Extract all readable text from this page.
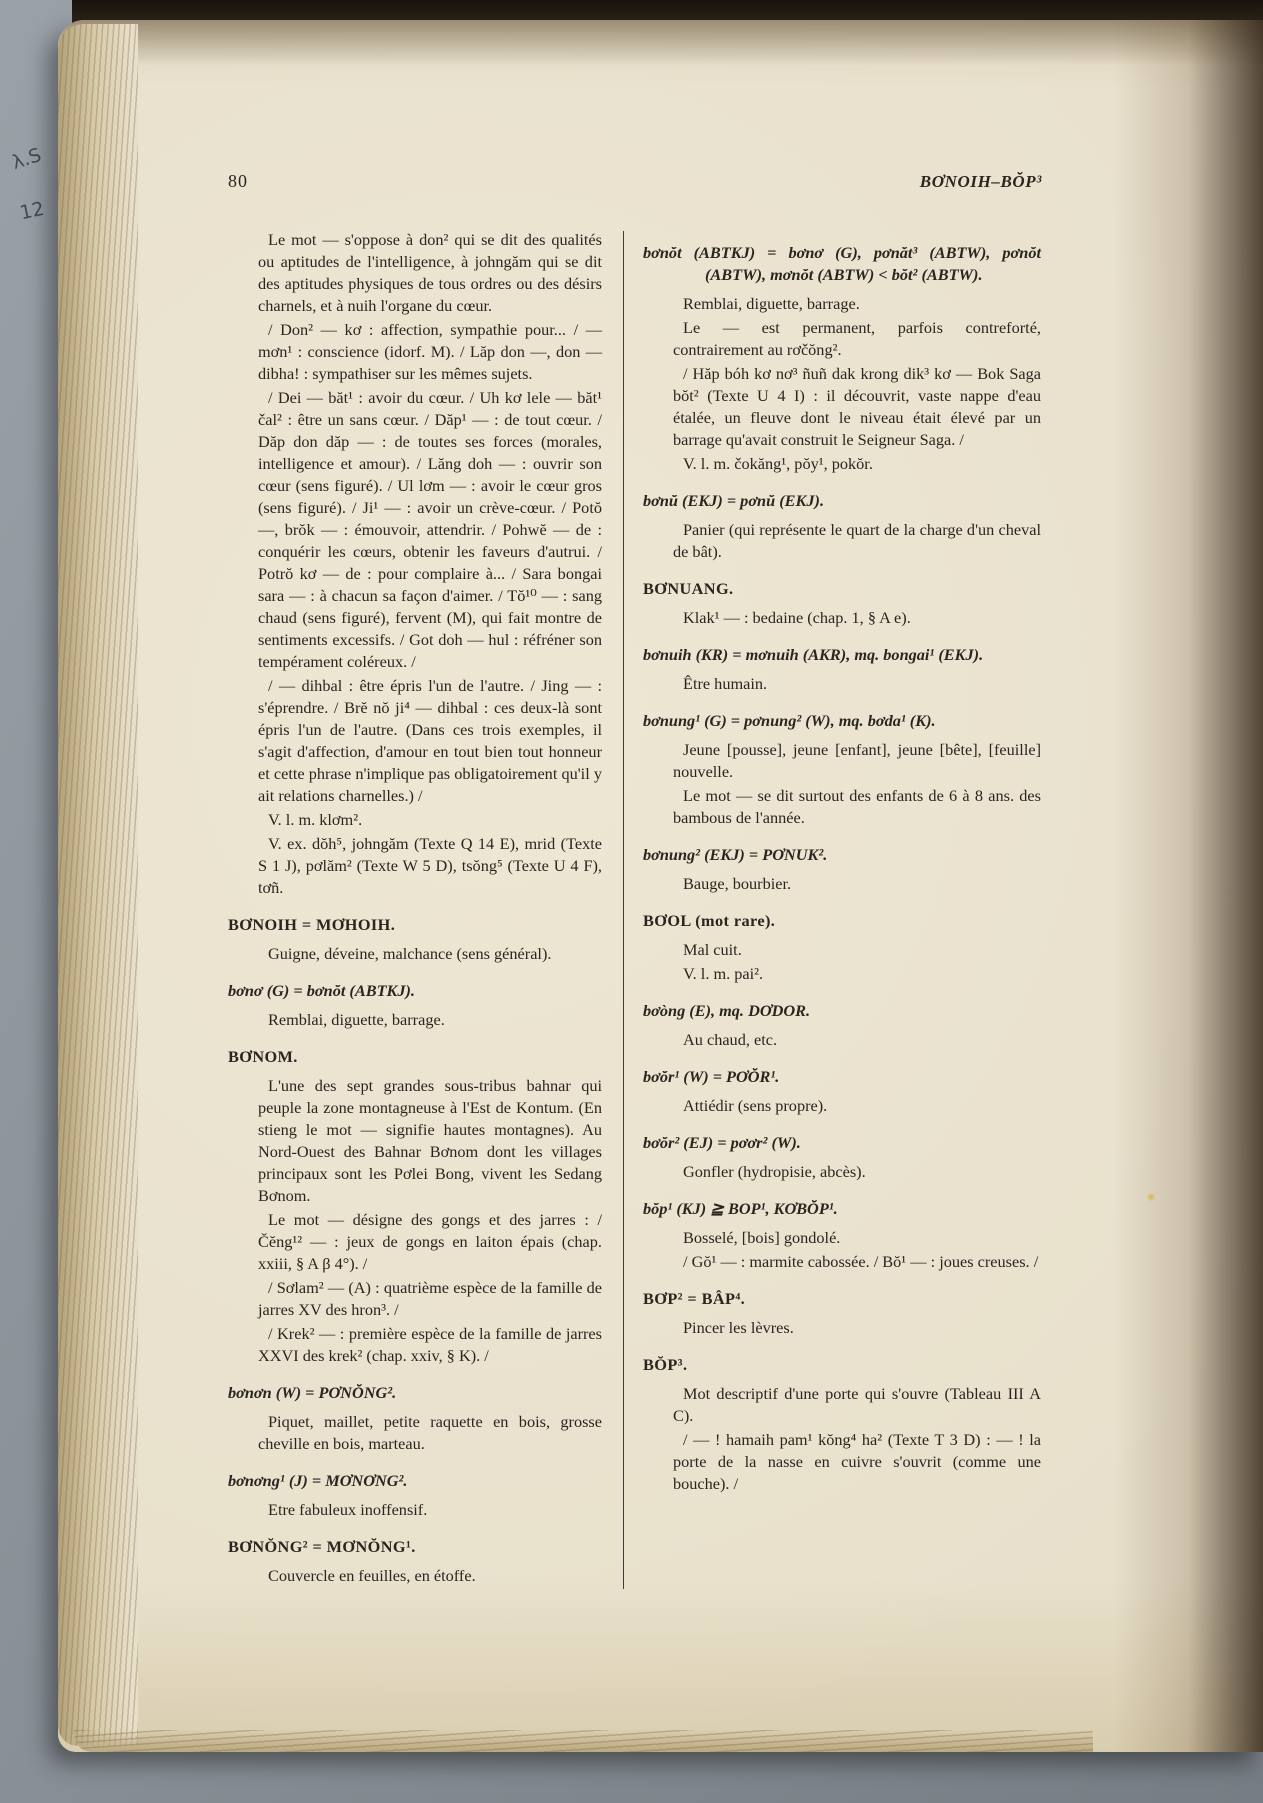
λ.S
12
80	BƠNOIH–BŎP³
Le mot — s'oppose à don² qui se dit des qualités ou aptitudes de l'intelligence, à johngăm qui se dit des aptitudes physiques de tous ordres ou des désirs charnels, et à nuih l'organe du cœur.
/ Don² — kơ : affection, sympathie pour... / — mơn¹ : conscience (idorf. M). / Lăp don —, don — dibha! : sympathiser sur les mêmes sujets.
/ Dei — băt¹ : avoir du cœur. / Uh kơ lele — băt¹ čal² : être un sans cœur. / Dăp¹ — : de tout cœur. / Dăp don dăp — : de toutes ses forces (morales, intelligence et amour). / Lăng doh — : ouvrir son cœur (sens figuré). / Ul lơm — : avoir le cœur gros (sens figuré). / Ji¹ — : avoir un crève-cœur. / Potŏ —, brŏk — : émouvoir, attendrir. / Pohwĕ — de : conquérir les cœurs, obtenir les faveurs d'autrui. / Potrŏ kơ — de : pour complaire à... / Sara bongai sara — : à chacun sa façon d'aimer. / Tŏ¹⁰ — : sang chaud (sens figuré), fervent (M), qui fait montre de sentiments excessifs. / Got doh — hul : réfréner son tempérament coléreux. /
/ — dihbal : être épris l'un de l'autre. / Jing — : s'éprendre. / Brĕ nŏ ji⁴ — dihbal : ces deux-là sont épris l'un de l'autre. (Dans ces trois exemples, il s'agit d'affection, d'amour en tout bien tout honneur et cette phrase n'implique pas obligatoirement qu'il y ait relations charnelles.) /
V. l. m. klơm².
V. ex. dŏh⁵, johngăm (Texte Q 14 E), mrid (Texte S 1 J), pơlăm² (Texte W 5 D), tsŏng⁵ (Texte U 4 F), tơñ.
BƠNOIH = MƠHOIH.
Guigne, déveine, malchance (sens général).
bơnơ (G) = bơnŏt (ABTKJ).
Remblai, diguette, barrage.
BƠNOM.
L'une des sept grandes sous-tribus bahnar qui peuple la zone montagneuse à l'Est de Kontum. (En stieng le mot — signifie hautes montagnes). Au Nord-Ouest des Bahnar Bơnom dont les villages principaux sont les Pơlei Bong, vivent les Sedang Bơnom.
Le mot — désigne des gongs et des jarres : / Čĕng¹² — : jeux de gongs en laiton épais (chap. xxiii, § A β 4°). /
/ Sơlam² — (A) : quatrième espèce de la famille de jarres XV des hron³. /
/ Krek² — : première espèce de la famille de jarres XXVI des krek² (chap. xxiv, § K). /
bơnơn (W) = PƠNŎNG².
Piquet, maillet, petite raquette en bois, grosse cheville en bois, marteau.
bơnơng¹ (J) = MƠNƠNG².
Etre fabuleux inoffensif.
BƠNŎNG² = MƠNŎNG¹.
Couvercle en feuilles, en étoffe.
bơnŏt (ABTKJ) = bơnơ (G), pơnăt³ (ABTW), pơnŏt (ABTW), mơnŏt (ABTW) < bŏt² (ABTW).
Remblai, diguette, barrage.
Le — est permanent, parfois contreforté, contrairement au rơčŏng².
/ Hăp bóh kơ nơ³ ñuñ dak krong dik³ kơ — Bok Saga bŏt² (Texte U 4 I) : il découvrit, vaste nappe d'eau étalée, un fleuve dont le niveau était élevé par un barrage qu'avait construit le Seigneur Saga. /
V. l. m. čokăng¹, pŏy¹, pokŏr.
bơnŭ (EKJ) = pơnŭ (EKJ).
Panier (qui représente le quart de la charge d'un cheval de bât).
BƠNUANG.
Klak¹ — : bedaine (chap. 1, § A e).
bơnuih (KR) = mơnuih (AKR), mq. bongai¹ (EKJ).
Être humain.
bơnung¹ (G) = pơnung² (W), mq. bơda¹ (K).
Jeune [pousse], jeune [enfant], jeune [bête], [feuille] nouvelle.
Le mot — se dit surtout des enfants de 6 à 8 ans. des bambous de l'année.
bơnung² (EKJ) = PƠNUK².
Bauge, bourbier.
BƠOL (mot rare).
Mal cuit.
V. l. m. pai².
bơòng (E), mq. DƠDOR.
Au chaud, etc.
bơŏr¹ (W) = PƠŎR¹.
Attiédir (sens propre).
bơŏr² (EJ) = pơơr² (W).
Gonfler (hydropisie, abcès).
bŏp¹ (KJ) ≧ BOP¹, KƠBŎP¹.
Bosselé, [bois] gondolé.
/ Gŏ¹ — : marmite cabossée. / Bŏ¹ — : joues creuses. /
BƠP² = BÂP⁴.
Pincer les lèvres.
BŎP³.
Mot descriptif d'une porte qui s'ouvre (Tableau III A C).
/ — ! hamaih pam¹ kŏng⁴ ha² (Texte T 3 D) : — ! la porte de la nasse en cuivre s'ouvrit (comme une bouche). /
